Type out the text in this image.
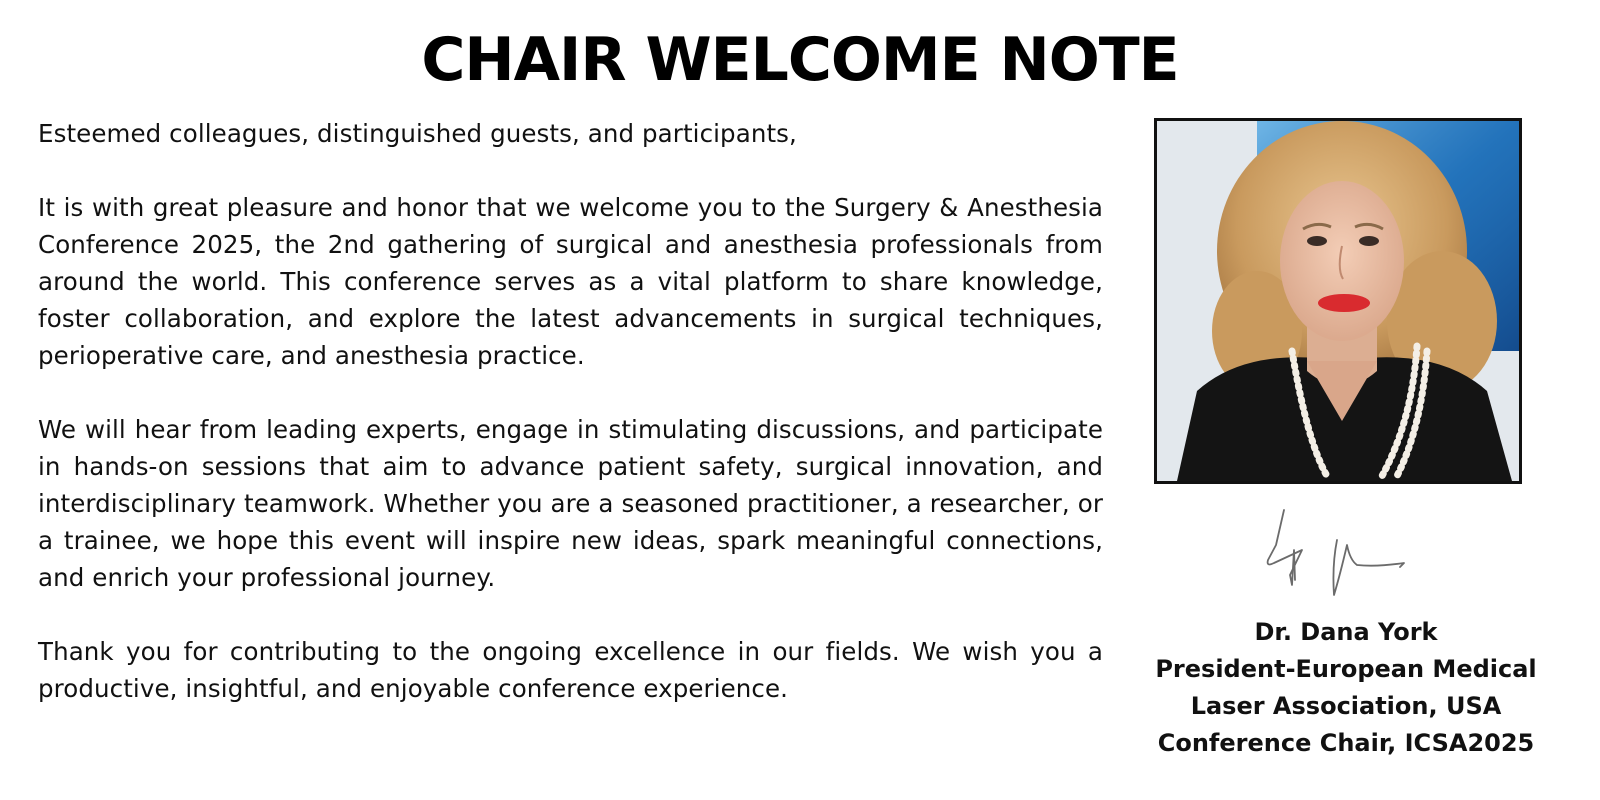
CHAIR WELCOME NOTE

Esteemed colleagues, distinguished guests, and participants,

It is with great pleasure and honor that we welcome you to the Surgery & Anesthesia Conference 2025, the 2nd gathering of surgical and anesthesia professionals from around the world. This conference serves as a vital platform to share knowledge, foster collaboration, and explore the latest advancements in surgical techniques, perioperative care, and anesthesia practice.

We will hear from leading experts, engage in stimulating discussions, and participate in hands-on sessions that aim to advance patient safety, surgical innovation, and interdisciplinary teamwork. Whether you are a seasoned practitioner, a researcher, or a trainee, we hope this event will inspire new ideas, spark meaningful connections, and enrich your professional journey.

Thank you for contributing to the ongoing excellence in our fields. We wish you a productive, insightful, and enjoyable conference experience.

Dr. Dana York
President-European Medical
Laser Association, USA
Conference Chair, ICSA2025
